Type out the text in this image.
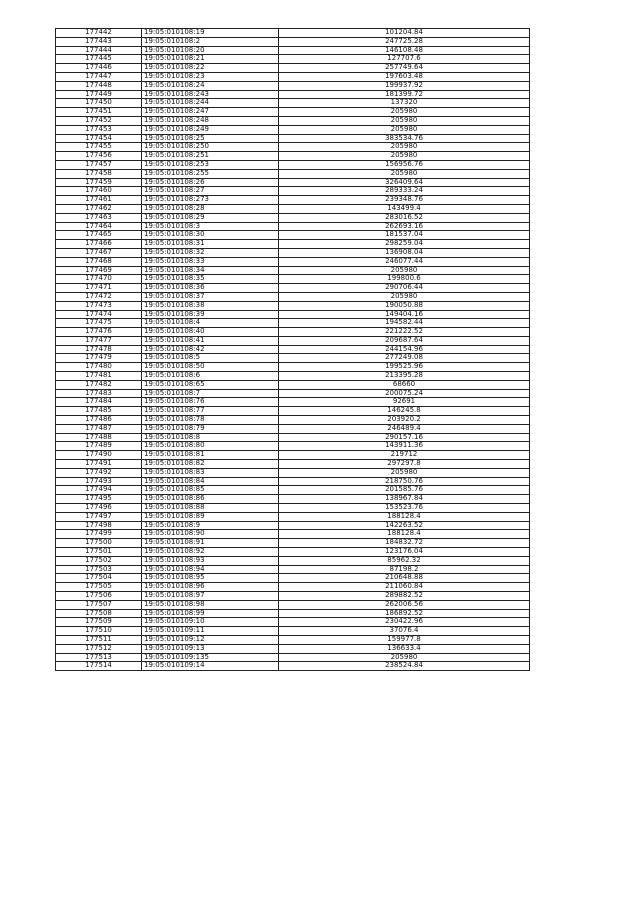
177442	19:05:010108:19	101204.84
177443	19:05:010108:2	247725.28
177444	19:05:010108:20	146108.48
177445	19:05:010108:21	127707.6
177446	19:05:010108:22	257749.64
177447	19:05:010108:23	197603.48
177448	19:05:010108:24	199937.92
177449	19:05:010108:243	181399.72
177450	19:05:010108:244	137320
177451	19:05:010108:247	205980
177452	19:05:010108:248	205980
177453	19:05:010108:249	205980
177454	19:05:010108:25	383534.76
177455	19:05:010108:250	205980
177456	19:05:010108:251	205980
177457	19:05:010108:253	156956.76
177458	19:05:010108:255	205980
177459	19:05:010108:26	326409.64
177460	19:05:010108:27	289333.24
177461	19:05:010108:273	239348.76
177462	19:05:010108:28	143499.4
177463	19:05:010108:29	283016.52
177464	19:05:010108:3	262693.16
177465	19:05:010108:30	181537.04
177466	19:05:010108:31	298259.04
177467	19:05:010108:32	136908.04
177468	19:05:010108:33	246077.44
177469	19:05:010108:34	205980
177470	19:05:010108:35	199800.6
177471	19:05:010108:36	290706.44
177472	19:05:010108:37	205980
177473	19:05:010108:38	190050.88
177474	19:05:010108:39	149404.16
177475	19:05:010108:4	194582.44
177476	19:05:010108:40	221222.52
177477	19:05:010108:41	209687.64
177478	19:05:010108:42	244154.96
177479	19:05:010108:5	277249.08
177480	19:05:010108:50	199525.96
177481	19:05:010108:6	213395.28
177482	19:05:010108:65	68660
177483	19:05:010108:7	200075.24
177484	19:05:010108:76	92691
177485	19:05:010108:77	146245.8
177486	19:05:010108:78	203920.2
177487	19:05:010108:79	246489.4
177488	19:05:010108:8	290157.16
177489	19:05:010108:80	143911.36
177490	19:05:010108:81	219712
177491	19:05:010108:82	297297.8
177492	19:05:010108:83	205980
177493	19:05:010108:84	218750.76
177494	19:05:010108:85	201585.76
177495	19:05:010108:86	138967.84
177496	19:05:010108:88	153523.76
177497	19:05:010108:89	188128.4
177498	19:05:010108:9	142263.52
177499	19:05:010108:90	188128.4
177500	19:05:010108:91	184832.72
177501	19:05:010108:92	123176.04
177502	19:05:010108:93	85962.32
177503	19:05:010108:94	87198.2
177504	19:05:010108:95	210648.88
177505	19:05:010108:96	211060.84
177506	19:05:010108:97	289882.52
177507	19:05:010108:98	262006.56
177508	19:05:010108:99	186892.52
177509	19:05:010109:10	230422.96
177510	19:05:010109:11	37076.4
177511	19:05:010109:12	159977.8
177512	19:05:010109:13	136633.4
177513	19:05:010109:135	205980
177514	19:05:010109:14	238524.84
